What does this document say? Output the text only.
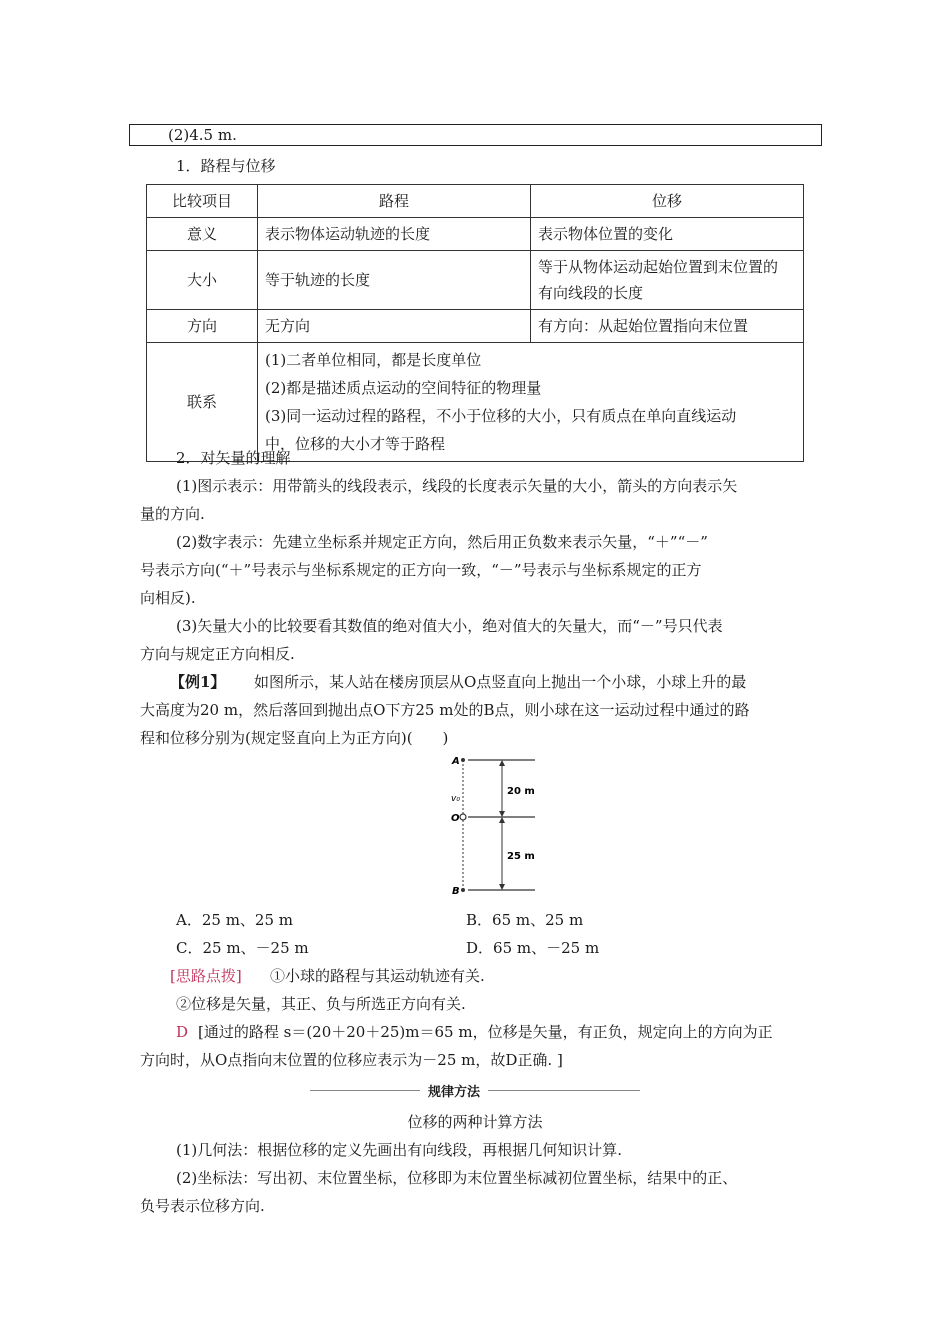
(2)4.5 m.
1．路程与位移
比较项目	路程	位移
意义	表示物体运动轨迹的长度	表示物体位置的变化
大小	等于轨迹的长度	等于从物体运动起始位置到末位置的
有向线段的长度

方向	无方向	有方向：从起始位置指向末位置
联系	(1)二者单位相同，都是长度单位
(2)都是描述质点运动的空间特征的物理量
(3)同一运动过程的路程，不小于位移的大小，只有质点在单向直线运动
中，位移的大小才等于路程	
2．对矢量的理解
(1)图示表示：用带箭头的线段表示，线段的长度表示矢量的大小，箭头的方向表示矢
量的方向.
(2)数字表示：先建立坐标系并规定正方向，然后用正负数来表示矢量，“＋”“－”
号表示方向(“＋”号表示与坐标系规定的正方向一致，“－”号表示与坐标系规定的正方
向相反).
(3)矢量大小的比较要看其数值的绝对值大小，绝对值大的矢量大，而“－”号只代表
方向与规定正方向相反.
【例1】	如图所示，某人站在楼房顶层从O点竖直向上抛出一个小球，小球上升的最
大高度为20 m，然后落回到抛出点O下方25 m处的B点，则小球在这一运动过程中通过的路
程和位移分别为(规定竖直向上为正方向)(　　)
A
v₀
O
B
20 m
25 m
A．25 m、25 m	B．65 m、25 m
C．25 m、－25 m	D．65 m、－25 m
[思路点拨] ①小球的路程与其运动轨迹有关.
②位移是矢量，其正、负与所选正方向有关.
D [通过的路程 s＝(20＋20＋25)m＝65 m，位移是矢量，有正负，规定向上的方向为正
方向时，从O点指向末位置的位移应表示为－25 m，故D正确. ]
规律方法
位移的两种计算方法
(1)几何法：根据位移的定义先画出有向线段，再根据几何知识计算.
(2)坐标法：写出初、末位置坐标，位移即为末位置坐标减初位置坐标，结果中的正、
负号表示位移方向.
